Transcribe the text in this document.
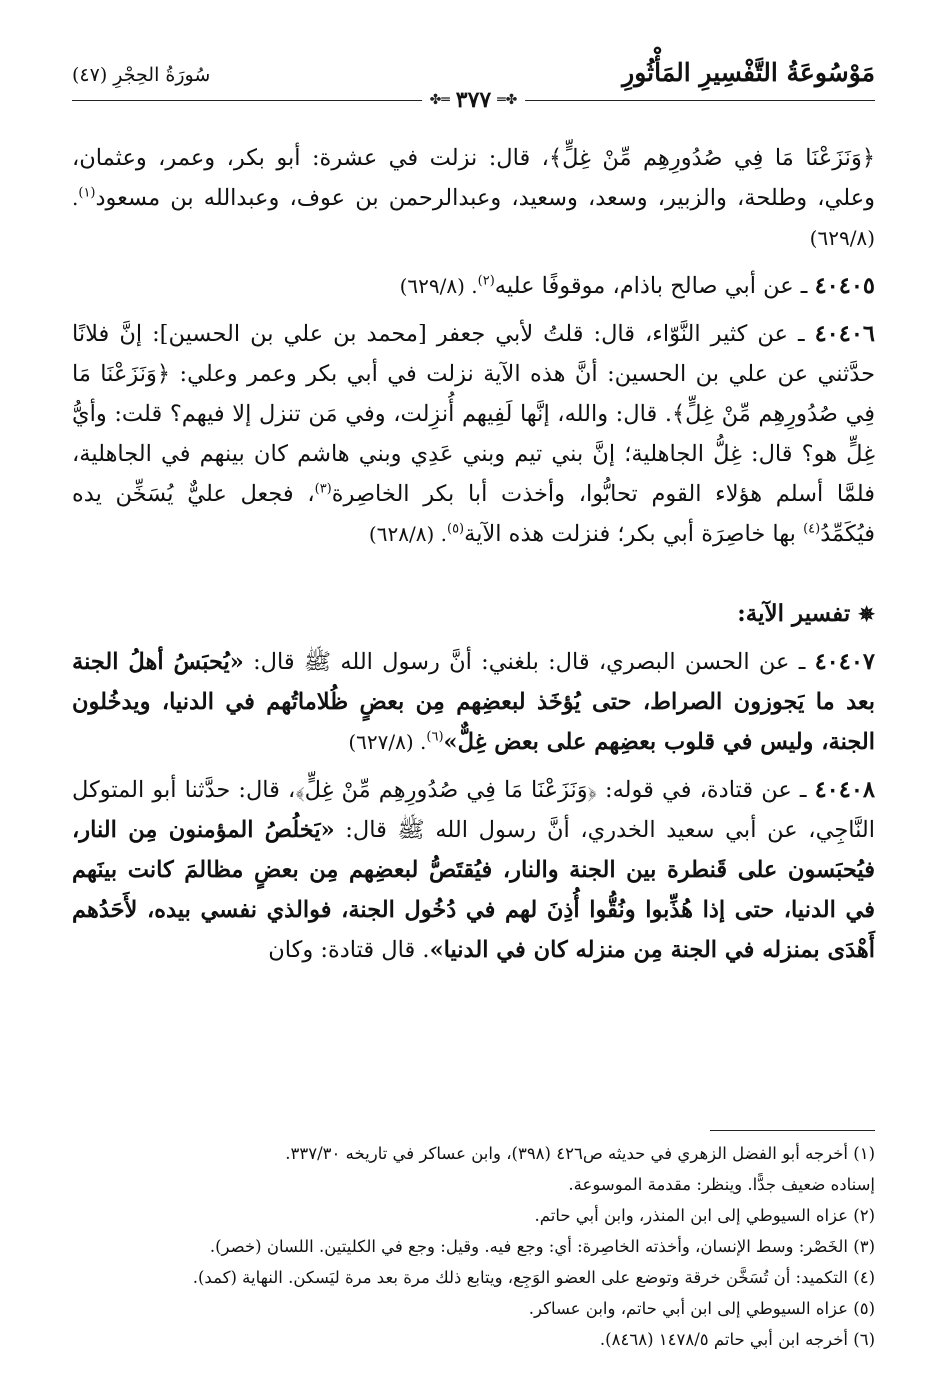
مَوْسُوعَةُ التَّفْسِيرِ المَأْثُورِ
سُورَةُ الحِجْرِ (٤٧)
✤═
٣٧٧
═✤

﴿وَنَزَعْنَا مَا فِي صُدُورِهِم مِّنْ غِلٍّ﴾، قال: نزلت في عشرة: أبو بكر، وعمر، وعثمان، وعلي، وطلحة، والزبير، وسعد، وسعيد، وعبدالرحمن بن عوف، وعبدالله بن مسعود$^{(١)}$. (٦٢٩/٨)

٤٠٤٠٥ ـ عن أبي صالح باذام، موقوفًا عليه$^{(٢)}$. (٦٢٩/٨)

٤٠٤٠٦ ـ عن كثير النَّوّاء، قال: قلتُ لأبي جعفر [محمد بن علي بن الحسين]: إنَّ فلانًا حدَّثني عن علي بن الحسين: أنَّ هذه الآية نزلت في أبي بكر وعمر وعلي: ﴿وَنَزَعْنَا مَا فِي صُدُورِهِم مِّنْ غِلٍّ﴾. قال: والله، إنَّها لَفِيهم أُنزِلت، وفي مَن تنزل إلا فيهم؟ قلت: وأيُّ غِلٍّ هو؟ قال: غِلُّ الجاهلية؛ إنَّ بني تيم وبني عَدِي وبني هاشم كان بينهم في الجاهلية، فلمَّا أسلم هؤلاء القوم تحابُّوا، وأخذت أبا بكر الخاصِرة$^{(٣)}$، فجعل عليٌّ يُسَخِّن يده فيُكَمِّدُ$^{(٤)}$ بها خاصِرَة أبي بكر؛ فنزلت هذه الآية$^{(٥)}$. (٦٢٨/٨)

✵تفسير الآية:

٤٠٤٠٧ ـ عن الحسن البصري، قال: بلغني: أنَّ رسول الله ﷺ قال: «يُحبَسُ أهلُ الجنة بعد ما يَجوزون الصراط، حتى يُؤخَذ لبعضِهم مِن بعضٍ ظُلاماتُهم في الدنيا، ويدخُلون الجنة، وليس في قلوب بعضِهم على بعض غِلٌّ»$^{(٦)}$. (٦٢٧/٨)

٤٠٤٠٨ ـ عن قتادة، في قوله: ﴿وَنَزَعْنَا مَا فِي صُدُورِهِم مِّنْ غِلٍّ﴾، قال: حدَّثنا أبو المتوكل النَّاجِي، عن أبي سعيد الخدري، أنَّ رسول الله ﷺ قال: «يَخلُصُ المؤمنون مِن النار، فيُحبَسون على قَنطرة بين الجنة والنار، فيُقتَصُّ لبعضِهم مِن بعضٍ مظالمَ كانت بينَهم في الدنيا، حتى إذا هُذِّبوا ونُقُّوا أُذِنَ لهم في دُخُول الجنة، فوالذي نفسي بيده، لأَحَدُهم أَهْدَى بمنزله في الجنة مِن منزله كان في الدنيا». قال قتادة: وكان

(١) أخرجه أبو الفضل الزهري في حديثه ص٤٢٦ (٣٩٨)، وابن عساكر في تاريخه ٣٣٧/٣٠.

إسناده ضعيف جدًّا. وينظر: مقدمة الموسوعة.

(٢) عزاه السيوطي إلى ابن المنذر، وابن أبي حاتم.

(٣) الخَصْر: وسط الإنسان، وأخذته الخاصِرة: أي: وجع فيه. وقيل: وجع في الكليتين. اللسان (خصر).

(٤) التكميد: أن تُسَخَّن خرقة وتوضع على العضو الوَجِع، ويتابع ذلك مرة بعد مرة ليَسكن. النهاية (كمد).

(٥) عزاه السيوطي إلى ابن أبي حاتم، وابن عساكر.

(٦) أخرجه ابن أبي حاتم ١٤٧٨/٥ (٨٤٦٨).
